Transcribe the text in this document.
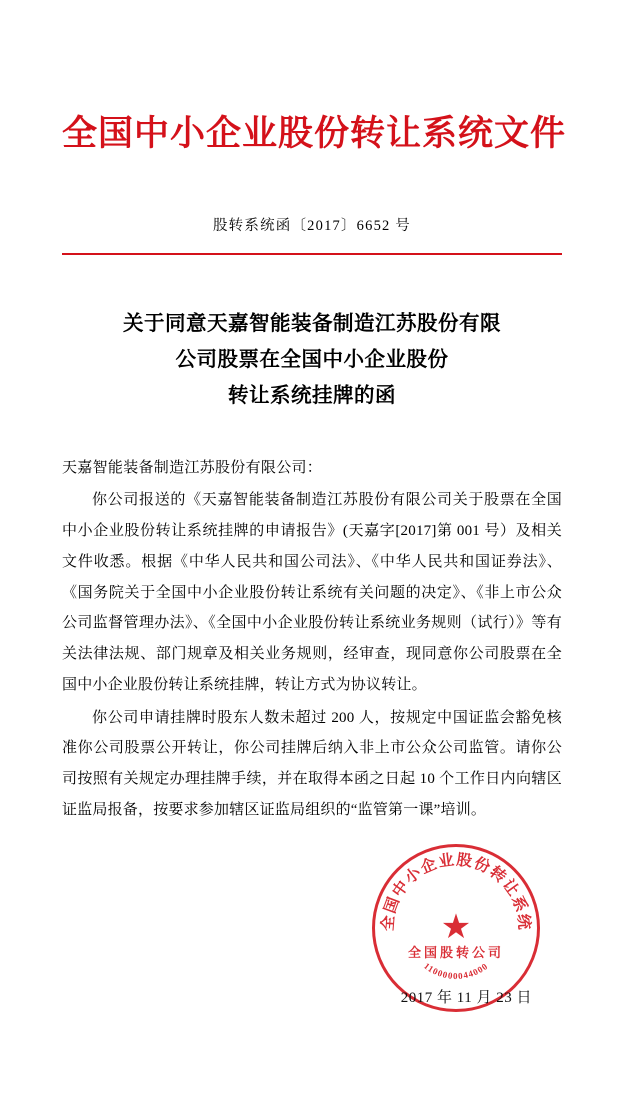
全国中小企业股份转让系统文件
股转系统函〔2017〕6652 号
关于同意天嘉智能装备制造江苏股份有限
公司股票在全国中小企业股份
转让系统挂牌的函
天嘉智能装备制造江苏股份有限公司：
你公司报送的《天嘉智能装备制造江苏股份有限公司关于股票在全国中小企业股份转让系统挂牌的申请报告》(天嘉字[2017]第 001 号）及相关文件收悉。根据《中华人民共和国公司法》、《中华人民共和国证券法》、《国务院关于全国中小企业股份转让系统有关问题的决定》、《非上市公众公司监督管理办法》、《全国中小企业股份转让系统业务规则（试行）》等有关法律法规、部门规章及相关业务规则，经审查，现同意你公司股票在全国中小企业股份转让系统挂牌，转让方式为协议转让。
你公司申请挂牌时股东人数未超过 200 人，按规定中国证监会豁免核准你公司股票公开转让，你公司挂牌后纳入非上市公众公司监管。请你公司按照有关规定办理挂牌手续，并在取得本函之日起 10 个工作日内向辖区证监局报备，按要求参加辖区证监局组织的“监管第一课”培训。
全国中小企业股份转让系统
1100000044000
★
全国股转公司
2017 年 11 月 23 日
